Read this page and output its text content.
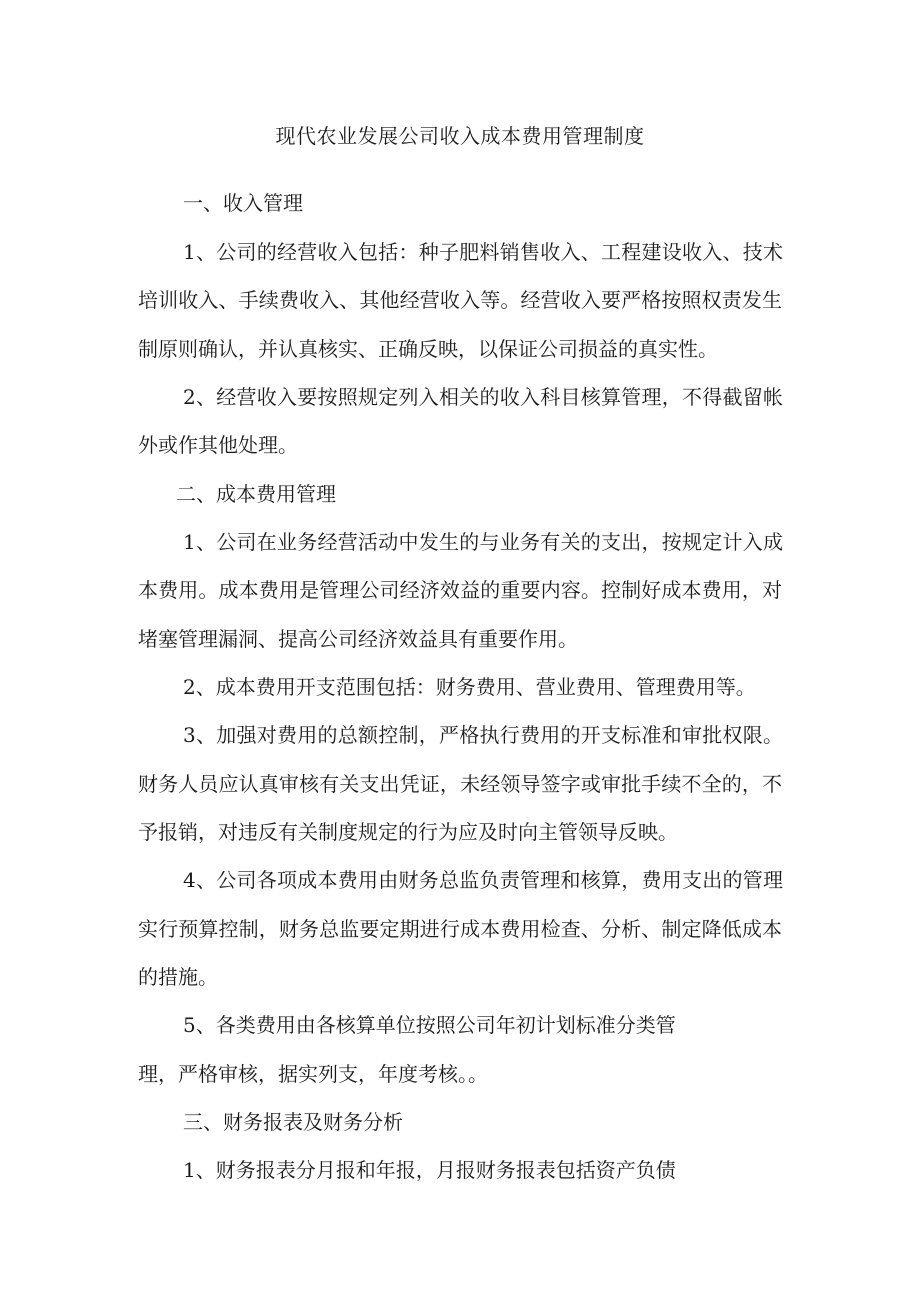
现代农业发展公司收入成本费用管理制度
一、收入管理
1、公司的经营收入包括：种子肥料销售收入、工程建设收入、技术
培训收入、手续费收入、其他经营收入等。经营收入要严格按照权责发生
制原则确认，并认真核实、正确反映，以保证公司损益的真实性。
2、经营收入要按照规定列入相关的收入科目核算管理，不得截留帐
外或作其他处理。
二、成本费用管理
1、公司在业务经营活动中发生的与业务有关的支出，按规定计入成
本费用。成本费用是管理公司经济效益的重要内容。控制好成本费用，对
堵塞管理漏洞、提高公司经济效益具有重要作用。
2、成本费用开支范围包括：财务费用、营业费用、管理费用等。
3、加强对费用的总额控制，严格执行费用的开支标准和审批权限。
财务人员应认真审核有关支出凭证，未经领导签字或审批手续不全的，不
予报销，对违反有关制度规定的行为应及时向主管领导反映。
4、公司各项成本费用由财务总监负责管理和核算，费用支出的管理
实行预算控制，财务总监要定期进行成本费用检查、分析、制定降低成本
的措施。
5、各类费用由各核算单位按照公司年初计划标准分类管
理，严格审核，据实列支，年度考核。。
三、财务报表及财务分析
1、财务报表分月报和年报，月报财务报表包括资产负债
